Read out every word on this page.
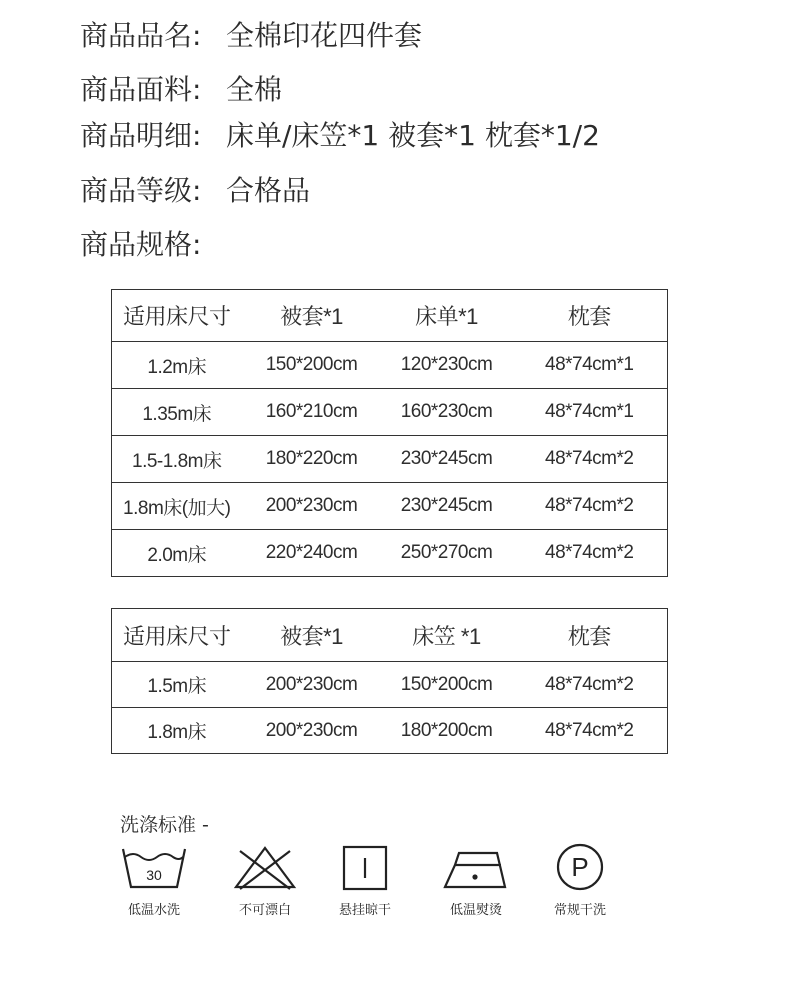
商品品名: 全棉印花四件套
商品面料: 全棉
商品明细: 床单/床笠*1 被套*1 枕套*1/2
商品等级: 合格品
商品规格:
适用床尺寸	被套*1	床单*1	枕套
1.2m床	150*200cm	120*230cm	48*74cm*1
1.35m床	160*210cm	160*230cm	48*74cm*1
1.5-1.8m床	180*220cm	230*245cm	48*74cm*2
1.8m床(加大)	200*230cm	230*245cm	48*74cm*2
2.0m床	220*240cm	250*270cm	48*74cm*2
适用床尺寸	被套*1	床笠 *1	枕套
1.5m床	200*230cm	150*200cm	48*74cm*2
1.8m床	200*230cm	180*200cm	48*74cm*2
洗涤标准 -
30
低温水洗	不可漂白	悬挂晾干	低温熨烫
P
常规干洗
